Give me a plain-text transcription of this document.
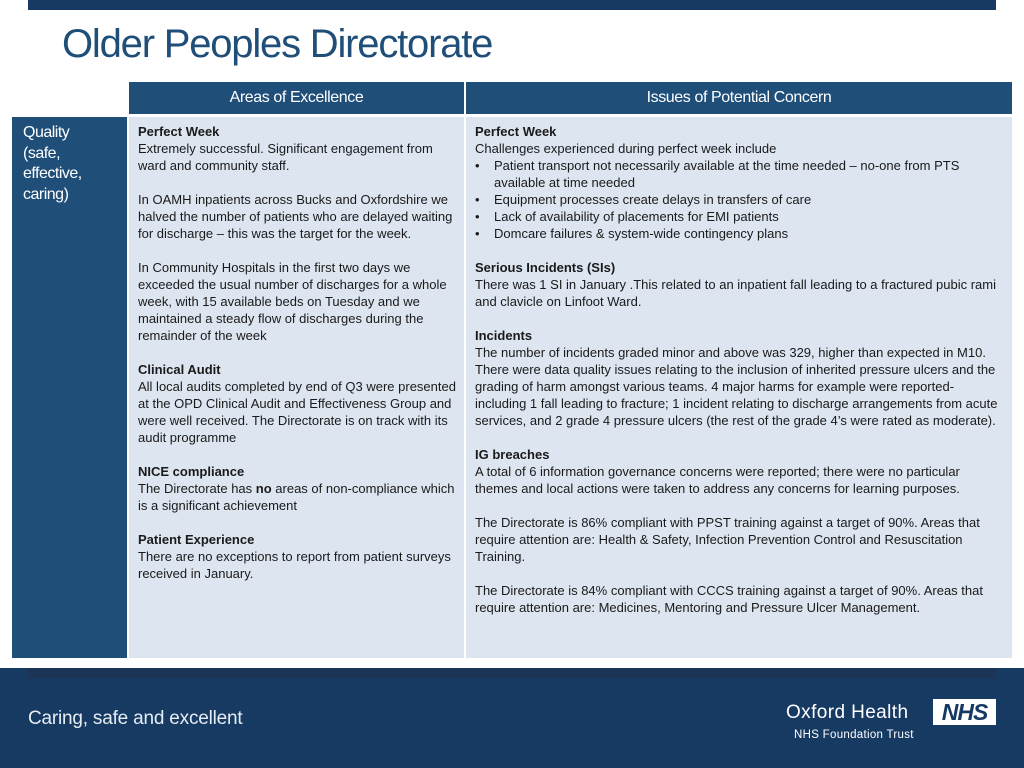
Older Peoples Directorate
Areas of Excellence	Issues of Potential Concern
Quality (safe, effective, caring)

Perfect Week
Extremely successful. Significant engagement from ward and community staff.

In OAMH inpatients across Bucks and Oxfordshire we halved the number of patients who are delayed waiting for discharge – this was the target for the week.

In Community Hospitals in the first two days we exceeded the usual number of discharges for a whole week, with 15 available beds on Tuesday and we maintained a steady flow of discharges during the remainder of the week

Clinical Audit
All local audits completed by end of Q3 were presented at the OPD Clinical Audit and Effectiveness Group and were well received. The Directorate is on track with its audit programme

NICE compliance
The Directorate has no areas of non-compliance which is a significant achievement

Patient Experience
There are no exceptions to report from patient surveys received in January.

Perfect Week
Challenges experienced during perfect week include
• Patient transport not necessarily available at the time needed – no-one from PTS available at time needed
• Equipment processes create delays in transfers of care
• Lack of availability of placements for EMI patients
• Domcare failures & system-wide contingency plans

Serious Incidents (SIs)
There was 1 SI in January .This related to an inpatient fall leading to a fractured pubic rami and clavicle on Linfoot Ward.

Incidents
The number of incidents graded minor and above was 329, higher than expected in M10. There were data quality issues relating to the inclusion of inherited pressure ulcers and the grading of harm amongst various teams. 4 major harms for example were reported- including 1 fall leading to fracture; 1 incident relating to discharge arrangements from acute services, and 2 grade 4 pressure ulcers (the rest of the grade 4’s were rated as moderate).

IG breaches
A total of 6 information governance concerns were reported; there were no particular themes and local actions were taken to address any concerns for learning purposes.

The Directorate is 86% compliant with PPST training against a target of 90%. Areas that require attention are: Health & Safety, Infection Prevention Control and Resuscitation Training.

The Directorate is 84% compliant with CCCS training against a target of 90%. Areas that require attention are: Medicines, Mentoring and Pressure Ulcer Management.

Caring, safe and excellent	Oxford Health
NHS Foundation Trust
NHS
